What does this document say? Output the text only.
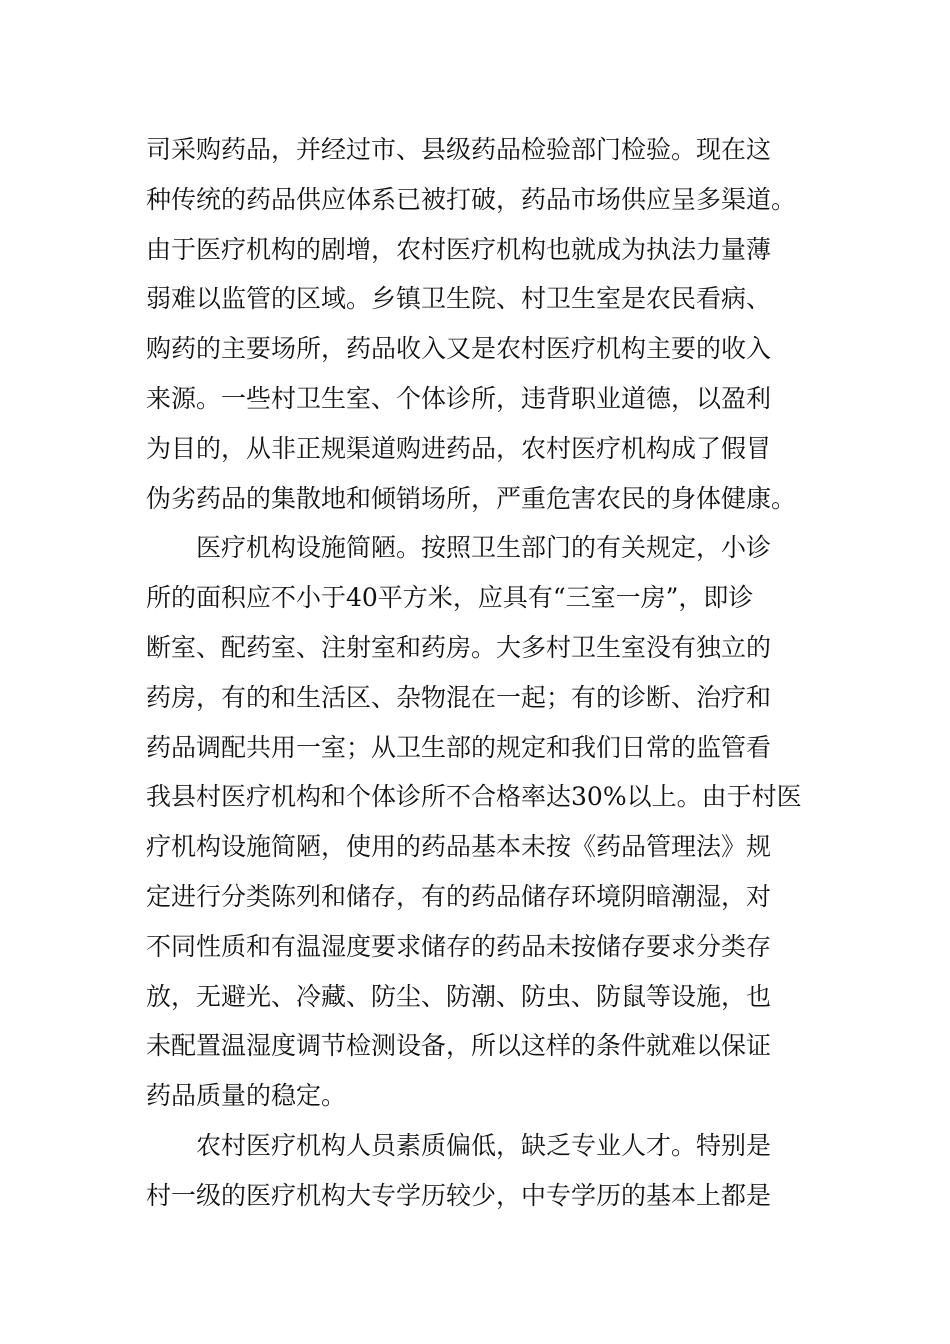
司采购药品，并经过市、县级药品检验部门检验。现在这
种传统的药品供应体系已被打破，药品市场供应呈多渠道。
由于医疗机构的剧增，农村医疗机构也就成为执法力量薄
弱难以监管的区域。乡镇卫生院、村卫生室是农民看病、
购药的主要场所，药品收入又是农村医疗机构主要的收入
来源。一些村卫生室、个体诊所，违背职业道德，以盈利
为目的，从非正规渠道购进药品，农村医疗机构成了假冒
伪劣药品的集散地和倾销场所，严重危害农民的身体健康。
医疗机构设施简陋。按照卫生部门的有关规定，小诊
所的面积应不小于40平方米，应具有“三室一房”，即诊
断室、配药室、注射室和药房。大多村卫生室没有独立的
药房，有的和生活区、杂物混在一起；有的诊断、治疗和
药品调配共用一室；从卫生部的规定和我们日常的监管看
我县村医疗机构和个体诊所不合格率达30%以上。由于村医
疗机构设施简陋，使用的药品基本未按《药品管理法》规
定进行分类陈列和储存，有的药品储存环境阴暗潮湿，对
不同性质和有温湿度要求储存的药品未按储存要求分类存
放，无避光、冷藏、防尘、防潮、防虫、防鼠等设施，也
未配置温湿度调节检测设备，所以这样的条件就难以保证
药品质量的稳定。
农村医疗机构人员素质偏低，缺乏专业人才。特别是
村一级的医疗机构大专学历较少，中专学历的基本上都是
